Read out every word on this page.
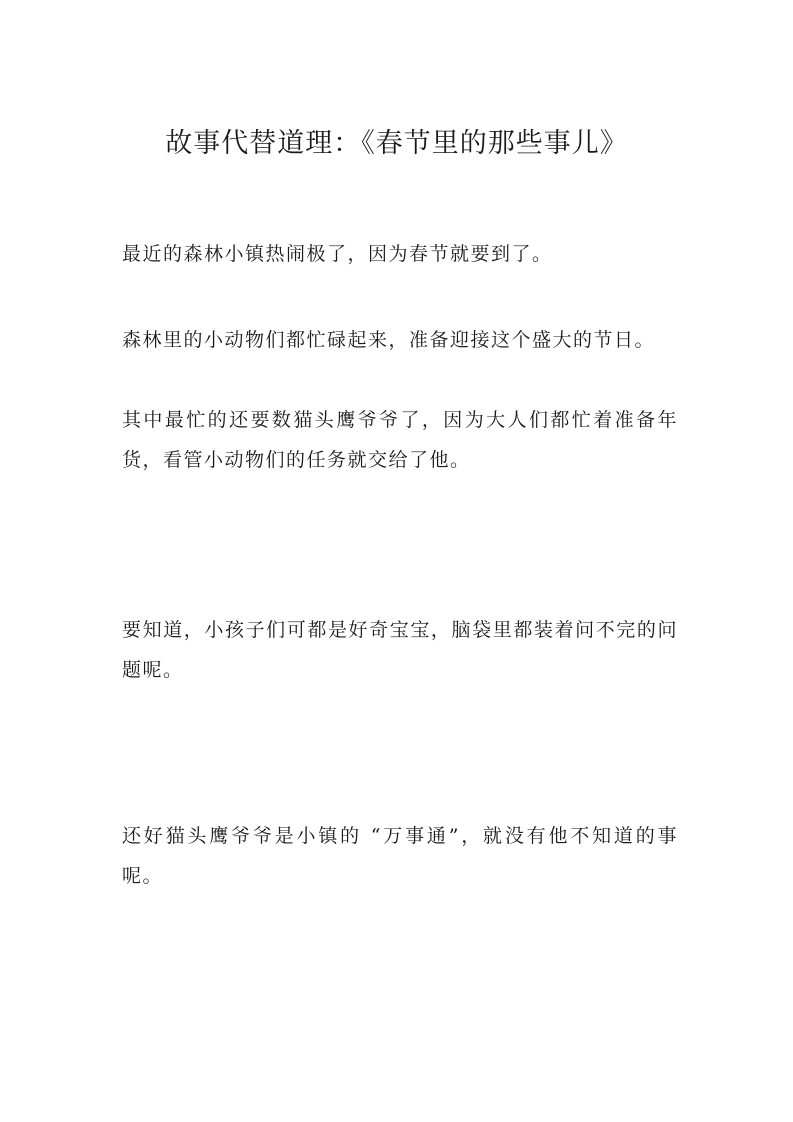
故事代替道理：《春节里的那些事儿》

最近的森林小镇热闹极了，因为春节就要到了。

森林里的小动物们都忙碌起来，准备迎接这个盛大的节日。

其中最忙的还要数猫头鹰爷爷了，因为大人们都忙着准备年货，看管小动物们的任务就交给了他。

要知道，小孩子们可都是好奇宝宝，脑袋里都装着问不完的问题呢。

还好猫头鹰爷爷是小镇的 “万事通”，就没有他不知道的事呢。
